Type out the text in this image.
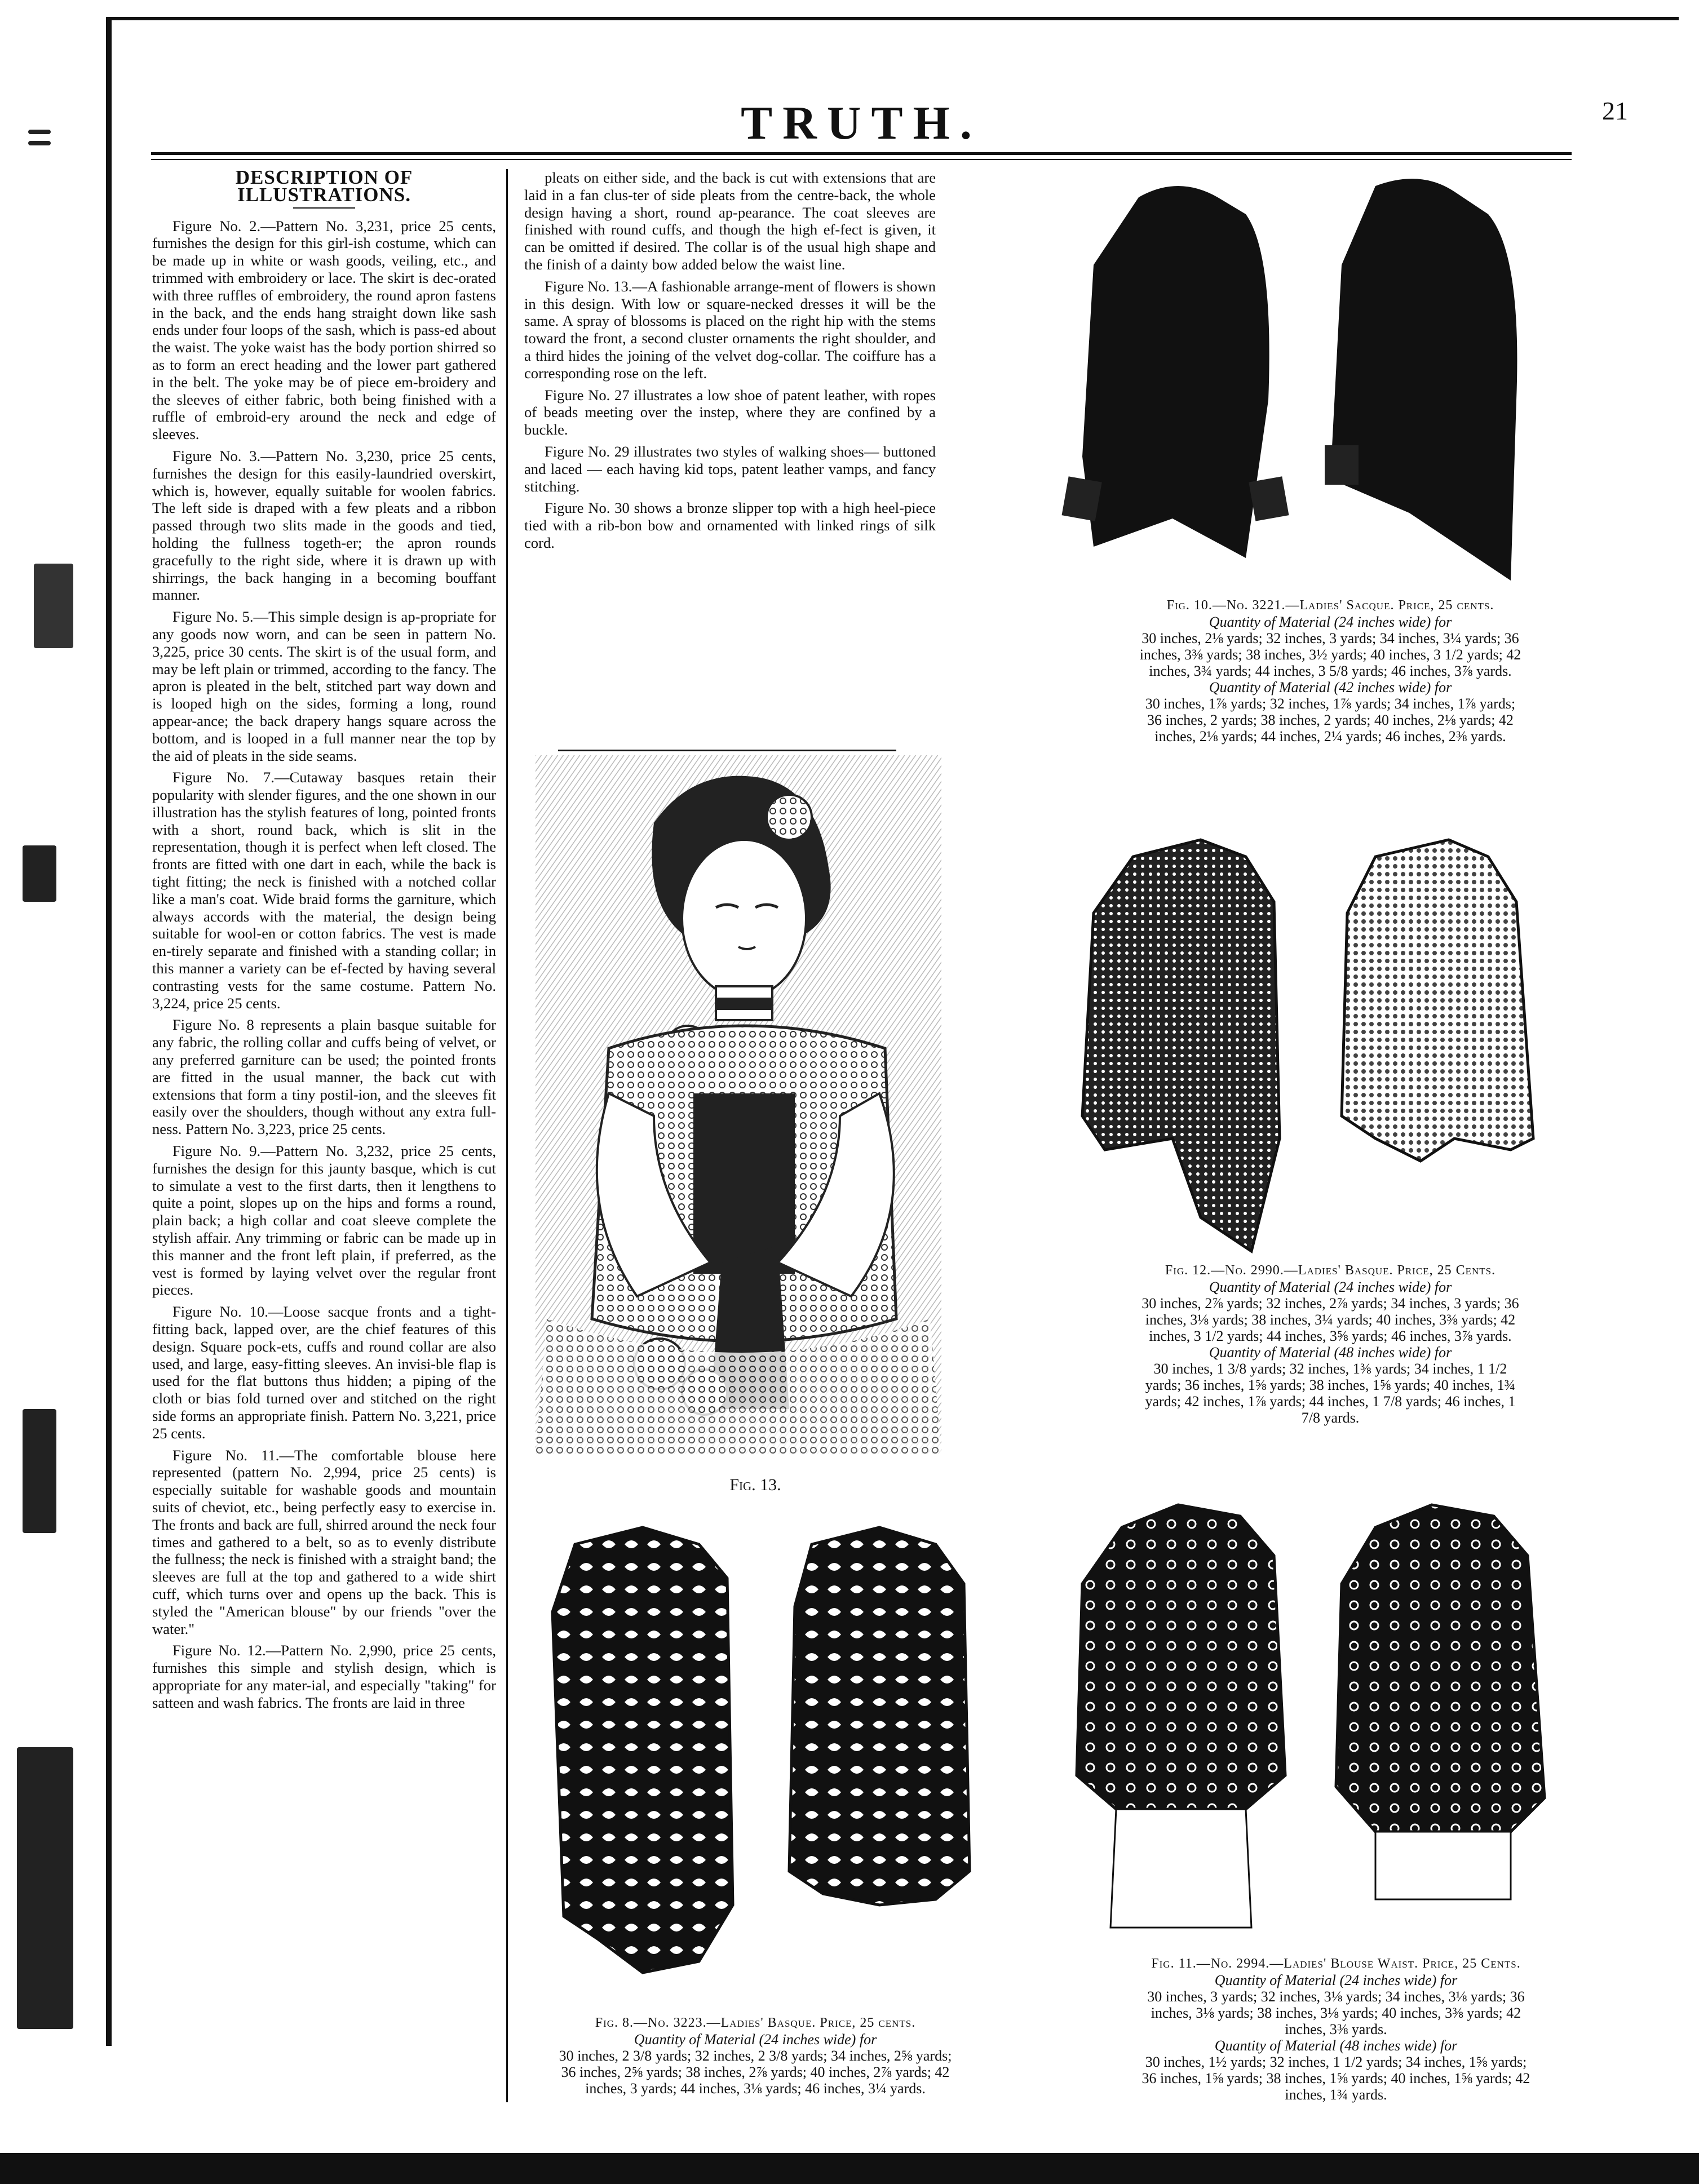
TRUTH.	21
DESCRIPTION OF ILLUSTRATIONS.

Figure No. 2.—Pattern No. 3,231, price 25 cents, furnishes the design for this girl-ish costume, which can be made up in white or wash goods, veiling, etc., and trimmed with embroidery or lace. The skirt is dec-orated with three ruffles of embroidery, the round apron fastens in the back, and the ends hang straight down like sash ends under four loops of the sash, which is pass-ed about the waist. The yoke waist has the body portion shirred so as to form an erect heading and the lower part gathered in the belt. The yoke may be of piece em-broidery and the sleeves of either fabric, both being finished with a ruffle of embroid-ery around the neck and edge of sleeves.

Figure No. 3.—Pattern No. 3,230, price 25 cents, furnishes the design for this easily-laundried overskirt, which is, however, equally suitable for woolen fabrics. The left side is draped with a few pleats and a ribbon passed through two slits made in the goods and tied, holding the fullness togeth-er; the apron rounds gracefully to the right side, where it is drawn up with shirrings, the back hanging in a becoming bouffant manner.

Figure No. 5.—This simple design is ap-propriate for any goods now worn, and can be seen in pattern No. 3,225, price 30 cents. The skirt is of the usual form, and may be left plain or trimmed, according to the fancy. The apron is pleated in the belt, stitched part way down and is looped high on the sides, forming a long, round appear-ance; the back drapery hangs square across the bottom, and is looped in a full manner near the top by the aid of pleats in the side seams.

Figure No. 7.—Cutaway basques retain their popularity with slender figures, and the one shown in our illustration has the stylish features of long, pointed fronts with a short, round back, which is slit in the representation, though it is perfect when left closed. The fronts are fitted with one dart in each, while the back is tight fitting; the neck is finished with a notched collar like a man's coat. Wide braid forms the garniture, which always accords with the material, the design being suitable for wool-en or cotton fabrics. The vest is made en-tirely separate and finished with a standing collar; in this manner a variety can be ef-fected by having several contrasting vests for the same costume. Pattern No. 3,224, price 25 cents.

Figure No. 8 represents a plain basque suitable for any fabric, the rolling collar and cuffs being of velvet, or any preferred garniture can be used; the pointed fronts are fitted in the usual manner, the back cut with extensions that form a tiny postil-ion, and the sleeves fit easily over the shoulders, though without any extra full-ness. Pattern No. 3,223, price 25 cents.

Figure No. 9.—Pattern No. 3,232, price 25 cents, furnishes the design for this jaunty basque, which is cut to simulate a vest to the first darts, then it lengthens to quite a point, slopes up on the hips and forms a round, plain back; a high collar and coat sleeve complete the stylish affair. Any trimming or fabric can be made up in this manner and the front left plain, if preferred, as the vest is formed by laying velvet over the regular front pieces.

Figure No. 10.—Loose sacque fronts and a tight-fitting back, lapped over, are the chief features of this design. Square pock-ets, cuffs and round collar are also used, and large, easy-fitting sleeves. An invisi-ble flap is used for the flat buttons thus hidden; a piping of the cloth or bias fold turned over and stitched on the right side forms an appropriate finish. Pattern No. 3,221, price 25 cents.

Figure No. 11.—The comfortable blouse here represented (pattern No. 2,994, price 25 cents) is especially suitable for washable goods and mountain suits of cheviot, etc., being perfectly easy to exercise in. The fronts and back are full, shirred around the neck four times and gathered to a belt, so as to evenly distribute the fullness; the neck is finished with a straight band; the sleeves are full at the top and gathered to a wide shirt cuff, which turns over and opens up the back. This is styled the "American blouse" by our friends "over the water."

Figure No. 12.—Pattern No. 2,990, price 25 cents, furnishes this simple and stylish design, which is appropriate for any mater-ial, and especially "taking" for satteen and wash fabrics. The fronts are laid in three

pleats on either side, and the back is cut with extensions that are laid in a fan clus-ter of side pleats from the centre-back, the whole design having a short, round ap-pearance. The coat sleeves are finished with round cuffs, and though the high ef-fect is given, it can be omitted if desired. The collar is of the usual high shape and the finish of a dainty bow added below the waist line.

Figure No. 13.—A fashionable arrange-ment of flowers is shown in this design. With low or square-necked dresses it will be the same. A spray of blossoms is placed on the right hip with the stems toward the front, a second cluster ornaments the right shoulder, and a third hides the joining of the velvet dog-collar. The coiffure has a corresponding rose on the left.

Figure No. 27 illustrates a low shoe of patent leather, with ropes of beads meeting over the instep, where they are confined by a buckle.

Figure No. 29 illustrates two styles of walking shoes— buttoned and laced — each having kid tops, patent leather vamps, and fancy stitching.

Figure No. 30 shows a bronze slipper top with a high heel-piece tied with a rib-bon bow and ornamented with linked rings of silk cord.

Fig. 13.

Fig. 10.—No. 3221.—Ladies' Sacque. Price, 25 cents.

Quantity of Material (24 inches wide) for

30 inches, 2⅛ yards; 32 inches, 3 yards; 34 inches, 3¼ yards; 36 inches, 3⅜ yards; 38 inches, 3½ yards; 40 inches, 3 1/2 yards; 42 inches, 3¾ yards; 44 inches, 3 5/8 yards; 46 inches, 3⅞ yards.

Quantity of Material (42 inches wide) for

30 inches, 1⅞ yards; 32 inches, 1⅞ yards; 34 inches, 1⅞ yards; 36 inches, 2 yards; 38 inches, 2 yards; 40 inches, 2⅛ yards; 42 inches, 2⅛ yards; 44 inches, 2¼ yards; 46 inches, 2⅜ yards.

Fig. 12.—No. 2990.—Ladies' Basque. Price, 25 Cents.

Quantity of Material (24 inches wide) for

30 inches, 2⅞ yards; 32 inches, 2⅞ yards; 34 inches, 3 yards; 36 inches, 3⅛ yards; 38 inches, 3¼ yards; 40 inches, 3⅜ yards; 42 inches, 3 1/2 yards; 44 inches, 3⅝ yards; 46 inches, 3⅞ yards.

Quantity of Material (48 inches wide) for

30 inches, 1 3/8 yards; 32 inches, 1⅜ yards; 34 inches, 1 1/2 yards; 36 inches, 1⅝ yards; 38 inches, 1⅝ yards; 40 inches, 1¾ yards; 42 inches, 1⅞ yards; 44 inches, 1 7/8 yards; 46 inches, 1 7/8 yards.

Fig. 8.—No. 3223.—Ladies' Basque. Price, 25 cents.

Quantity of Material (24 inches wide) for

30 inches, 2 3/8 yards; 32 inches, 2 3/8 yards; 34 inches, 2⅝ yards; 36 inches, 2⅝ yards; 38 inches, 2⅞ yards; 40 inches, 2⅞ yards; 42 inches, 3 yards; 44 inches, 3⅛ yards; 46 inches, 3¼ yards.

Fig. 11.—No. 2994.—Ladies' Blouse Waist. Price, 25 Cents.

Quantity of Material (24 inches wide) for

30 inches, 3 yards; 32 inches, 3⅛ yards; 34 inches, 3⅛ yards; 36 inches, 3⅛ yards; 38 inches, 3⅛ yards; 40 inches, 3⅜ yards; 42 inches, 3⅜ yards.

Quantity of Material (48 inches wide) for

30 inches, 1½ yards; 32 inches, 1 1/2 yards; 34 inches, 1⅝ yards; 36 inches, 1⅝ yards; 38 inches, 1⅝ yards; 40 inches, 1⅝ yards; 42 inches, 1¾ yards.
